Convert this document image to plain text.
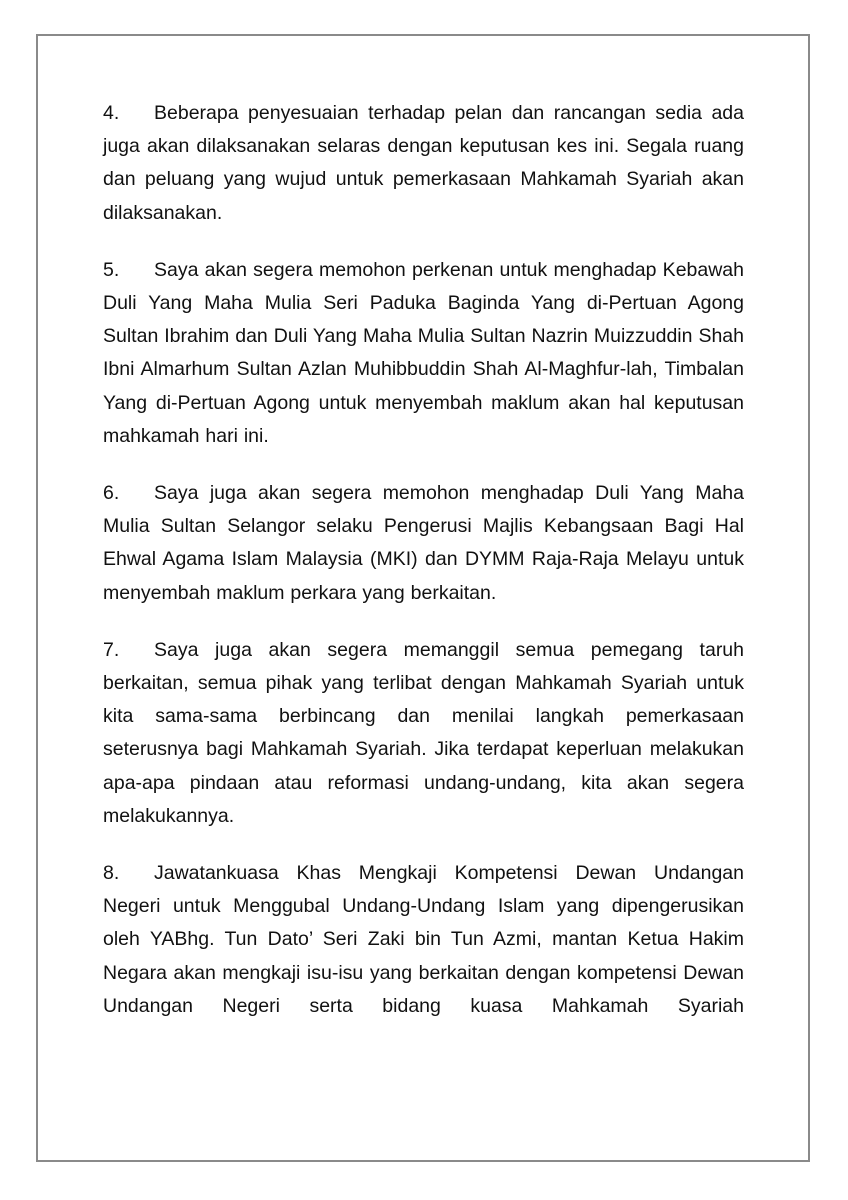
4. Beberapa penyesuaian terhadap pelan dan rancangan sedia ada juga akan dilaksanakan selaras dengan keputusan kes ini. Segala ruang dan peluang yang wujud untuk pemerkasaan Mahkamah Syariah akan dilaksanakan.

5. Saya akan segera memohon perkenan untuk menghadap Kebawah Duli Yang Maha Mulia Seri Paduka Baginda Yang di-Pertuan Agong Sultan Ibrahim dan Duli Yang Maha Mulia Sultan Nazrin Muizzuddin Shah Ibni Almarhum Sultan Azlan Muhibbuddin Shah Al-Maghfur-lah, Timbalan Yang di-Pertuan Agong untuk menyembah maklum akan hal keputusan mahkamah hari ini.

6. Saya juga akan segera memohon menghadap Duli Yang Maha Mulia Sultan Selangor selaku Pengerusi Majlis Kebangsaan Bagi Hal Ehwal Agama Islam Malaysia (MKI) dan DYMM Raja-Raja Melayu untuk menyembah maklum perkara yang berkaitan.

7. Saya juga akan segera memanggil semua pemegang taruh berkaitan, semua pihak yang terlibat dengan Mahkamah Syariah untuk kita sama-sama berbincang dan menilai langkah pemerkasaan seterusnya bagi Mahkamah Syariah. Jika terdapat keperluan melakukan apa-apa pindaan atau reformasi undang-undang, kita akan segera melakukannya.

8. Jawatankuasa Khas Mengkaji Kompetensi Dewan Undangan Negeri untuk Menggubal Undang-Undang Islam yang dipengerusikan oleh YABhg. Tun Dato’ Seri Zaki bin Tun Azmi, mantan Ketua Hakim Negara akan mengkaji isu-isu yang berkaitan dengan kompetensi Dewan Undangan Negeri serta bidang kuasa Mahkamah Syariah
